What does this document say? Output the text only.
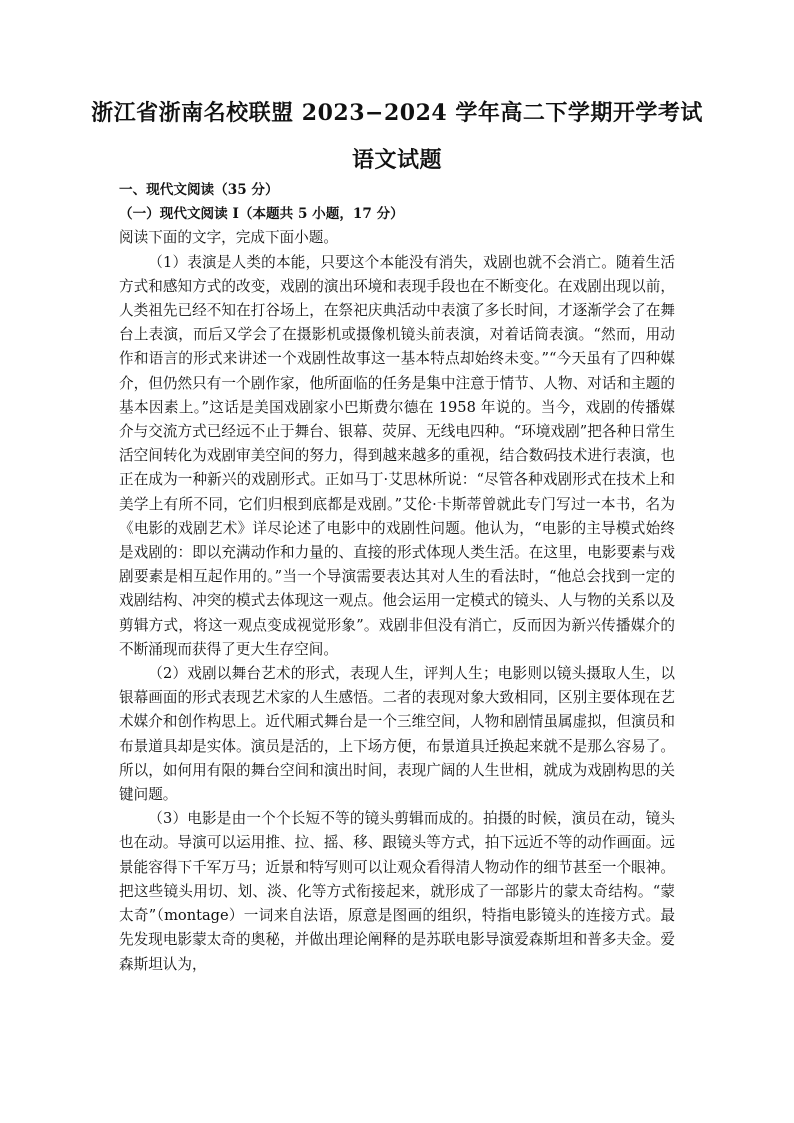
浙江省浙南名校联盟 2023−2024 学年高二下学期开学考试
语文试题

一、现代文阅读（35 分）

（一）现代文阅读 I（本题共 5 小题，17 分）

阅读下面的文字，完成下面小题。

（1）表演是人类的本能，只要这个本能没有消失，戏剧也就不会消亡。随着生活方式和感知方式的改变，戏剧的演出环境和表现手段也在不断变化。在戏剧出现以前，人类祖先已经不知在打谷场上，在祭祀庆典活动中表演了多长时间，才逐渐学会了在舞台上表演，而后又学会了在摄影机或摄像机镜头前表演，对着话筒表演。“然而，用动作和语言的形式来讲述一个戏剧性故事这一基本特点却始终未变。”“今天虽有了四种媒介，但仍然只有一个剧作家，他所面临的任务是集中注意于情节、人物、对话和主题的基本因素上。”这话是美国戏剧家小巴斯费尔德在 1958 年说的。当今，戏剧的传播媒介与交流方式已经远不止于舞台、银幕、荧屏、无线电四种。“环境戏剧”把各种日常生活空间转化为戏剧审美空间的努力，得到越来越多的重视，结合数码技术进行表演，也正在成为一种新兴的戏剧形式。正如马丁·艾思林所说：“尽管各种戏剧形式在技术上和美学上有所不同，它们归根到底都是戏剧。”艾伦·卡斯蒂曾就此专门写过一本书，名为《电影的戏剧艺术》详尽论述了电影中的戏剧性问题。他认为，“电影的主导模式始终是戏剧的：即以充满动作和力量的、直接的形式体现人类生活。在这里，电影要素与戏剧要素是相互起作用的。”当一个导演需要表达其对人生的看法时，“他总会找到一定的戏剧结构、冲突的模式去体现这一观点。他会运用一定模式的镜头、人与物的关系以及剪辑方式，将这一观点变成视觉形象”。戏剧非但没有消亡，反而因为新兴传播媒介的不断涌现而获得了更大生存空间。

（2）戏剧以舞台艺术的形式，表现人生，评判人生；电影则以镜头摄取人生，以银幕画面的形式表现艺术家的人生感悟。二者的表现对象大致相同，区别主要体现在艺术媒介和创作构思上。近代厢式舞台是一个三维空间，人物和剧情虽属虚拟，但演员和布景道具却是实体。演员是活的，上下场方便，布景道具迁换起来就不是那么容易了。所以，如何用有限的舞台空间和演出时间，表现广阔的人生世相，就成为戏剧构思的关键问题。

（3）电影是由一个个长短不等的镜头剪辑而成的。拍摄的时候，演员在动，镜头也在动。导演可以运用推、拉、摇、移、跟镜头等方式，拍下远近不等的动作画面。远景能容得下千军万马；近景和特写则可以让观众看得清人物动作的细节甚至一个眼神。把这些镜头用切、划、淡、化等方式衔接起来，就形成了一部影片的蒙太奇结构。“蒙太奇”（montage）一词来自法语，原意是图画的组织，特指电影镜头的连接方式。最先发现电影蒙太奇的奥秘，并做出理论阐释的是苏联电影导演爱森斯坦和普多夫金。爱森斯坦认为，
